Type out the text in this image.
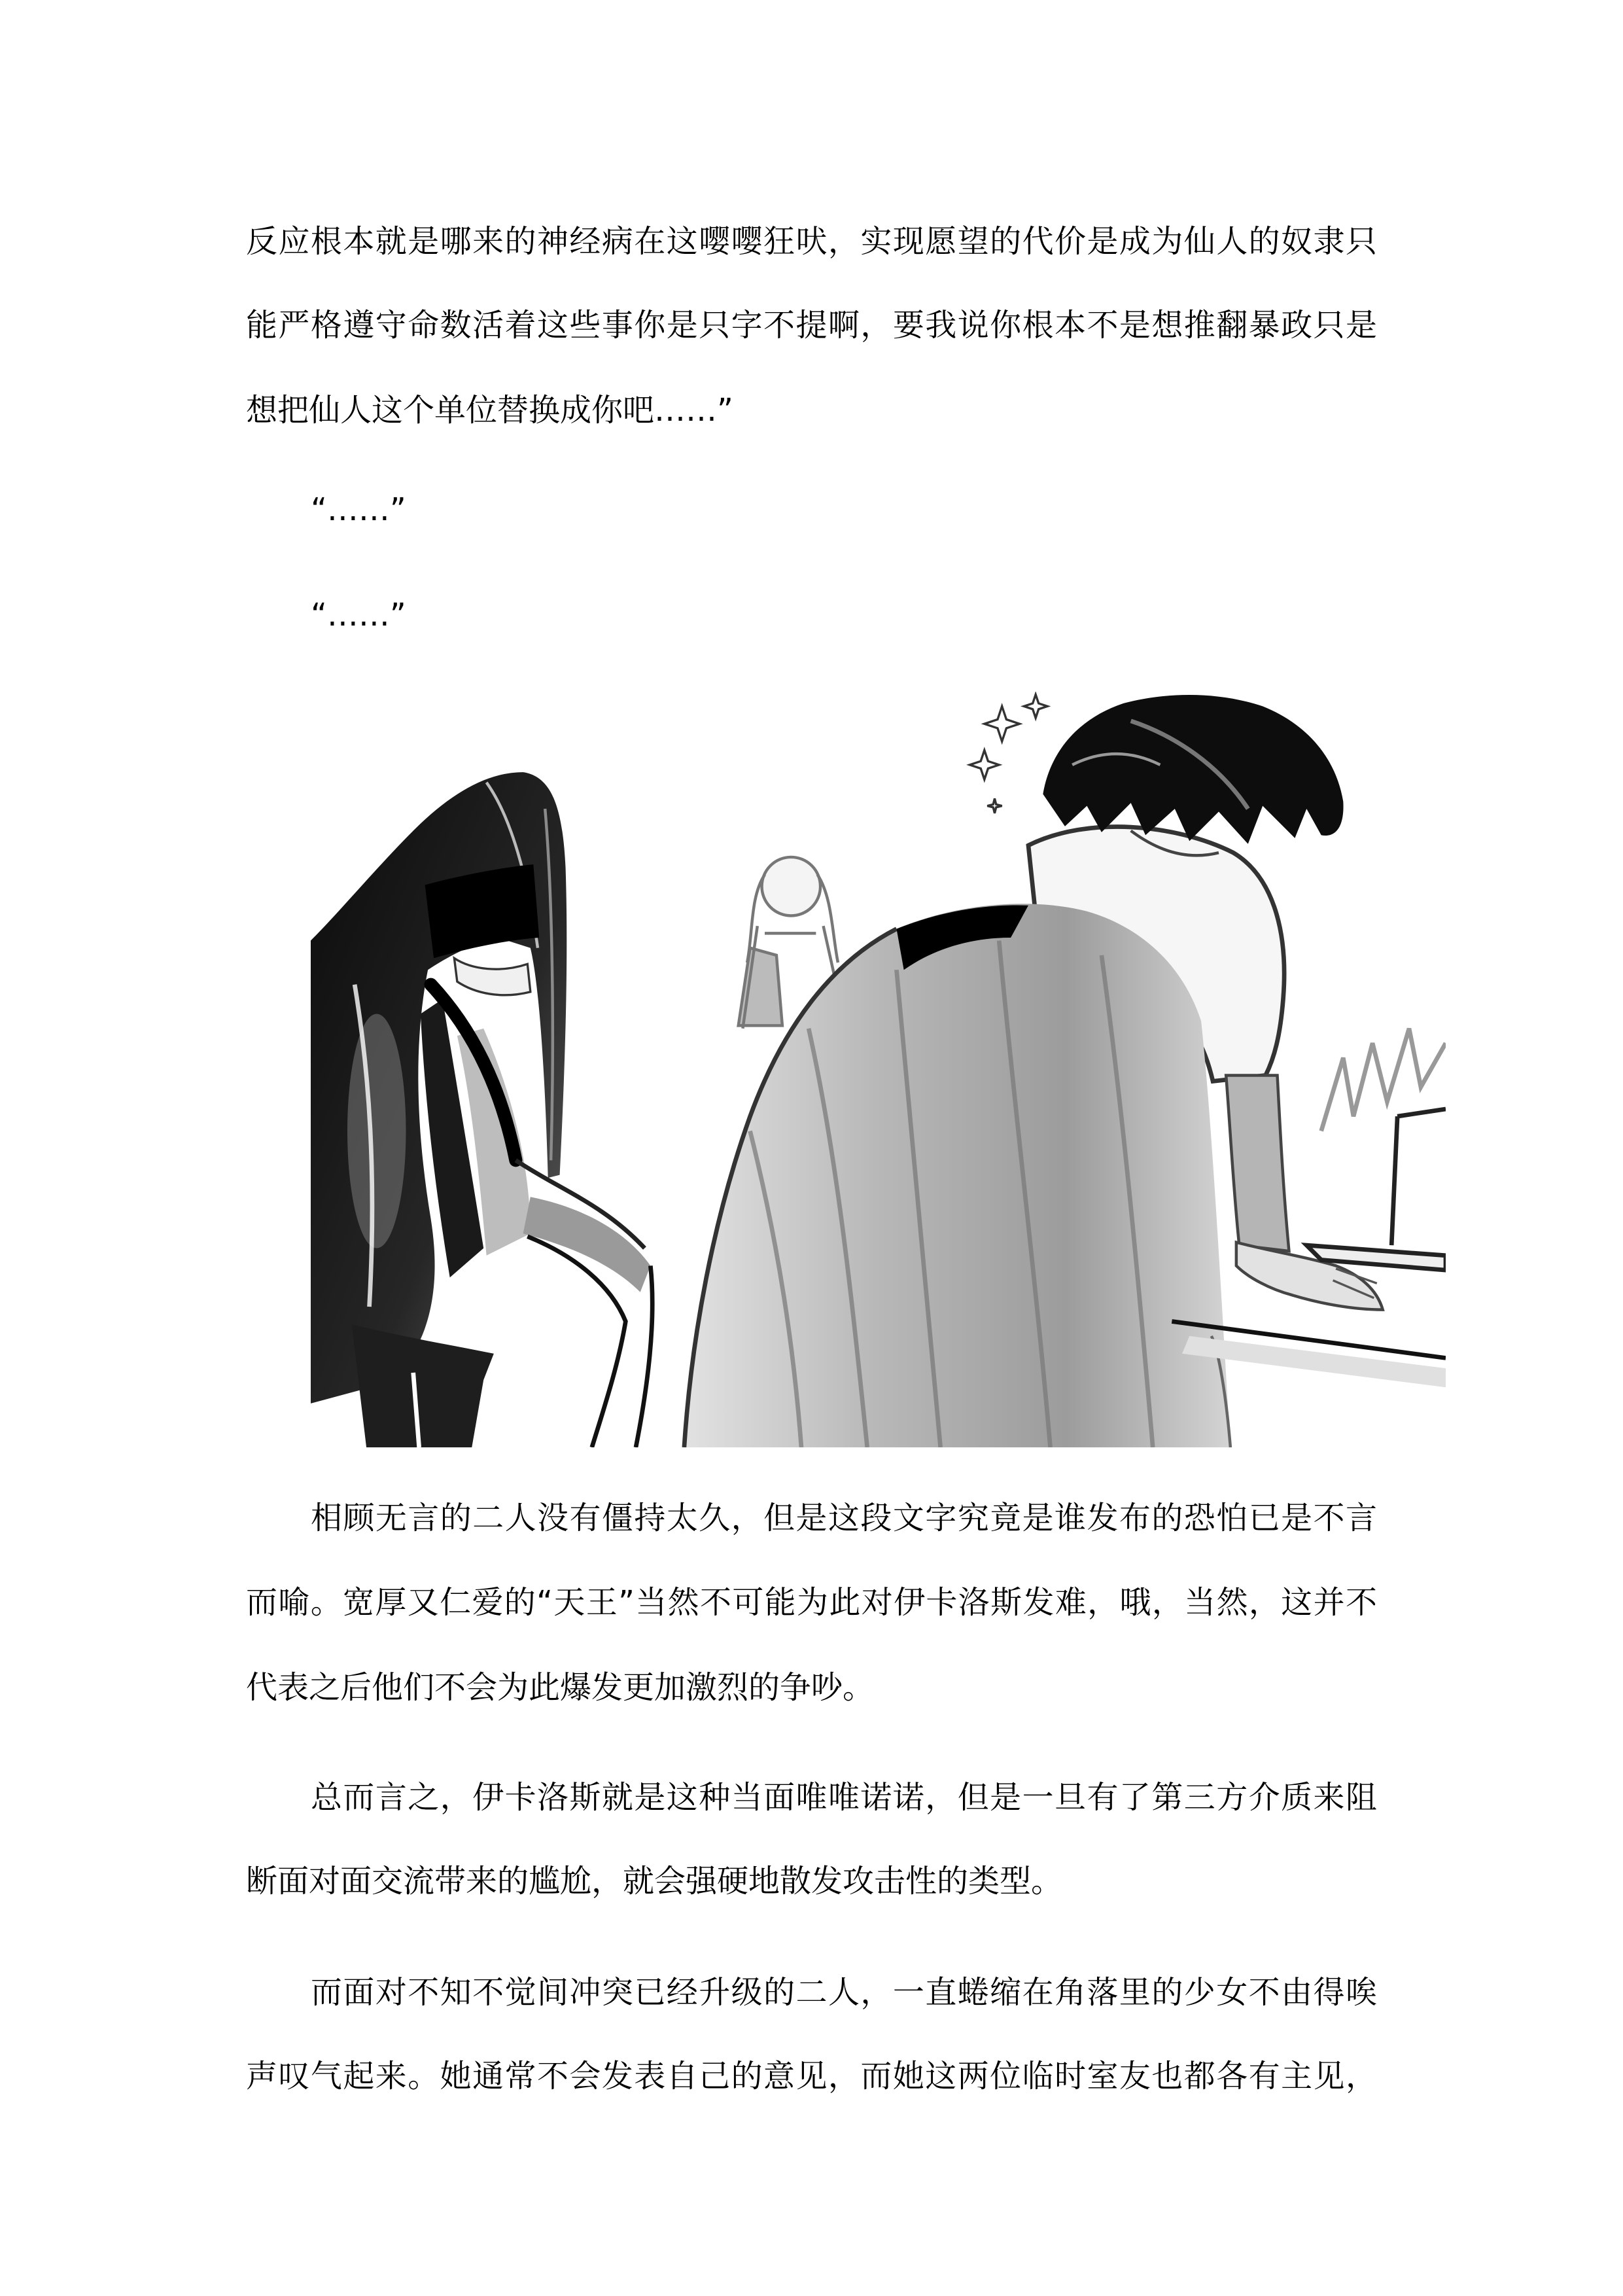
反应根本就是哪来的神经病在这嘤嘤狂吠，实现愿望的代价是成为仙人的奴隶只
能严格遵守命数活着这些事你是只字不提啊，要我说你根本不是想推翻暴政只是
想把仙人这个单位替换成你吧……”
“……”
“……”
相顾无言的二人没有僵持太久，但是这段文字究竟是谁发布的恐怕已是不言
而喻。宽厚又仁爱的“天王”当然不可能为此对伊卡洛斯发难，哦，当然，这并不
代表之后他们不会为此爆发更加激烈的争吵。
总而言之，伊卡洛斯就是这种当面唯唯诺诺，但是一旦有了第三方介质来阻
断面对面交流带来的尴尬，就会强硬地散发攻击性的类型。
而面对不知不觉间冲突已经升级的二人，一直蜷缩在角落里的少女不由得唉
声叹气起来。她通常不会发表自己的意见，而她这两位临时室友也都各有主见，
